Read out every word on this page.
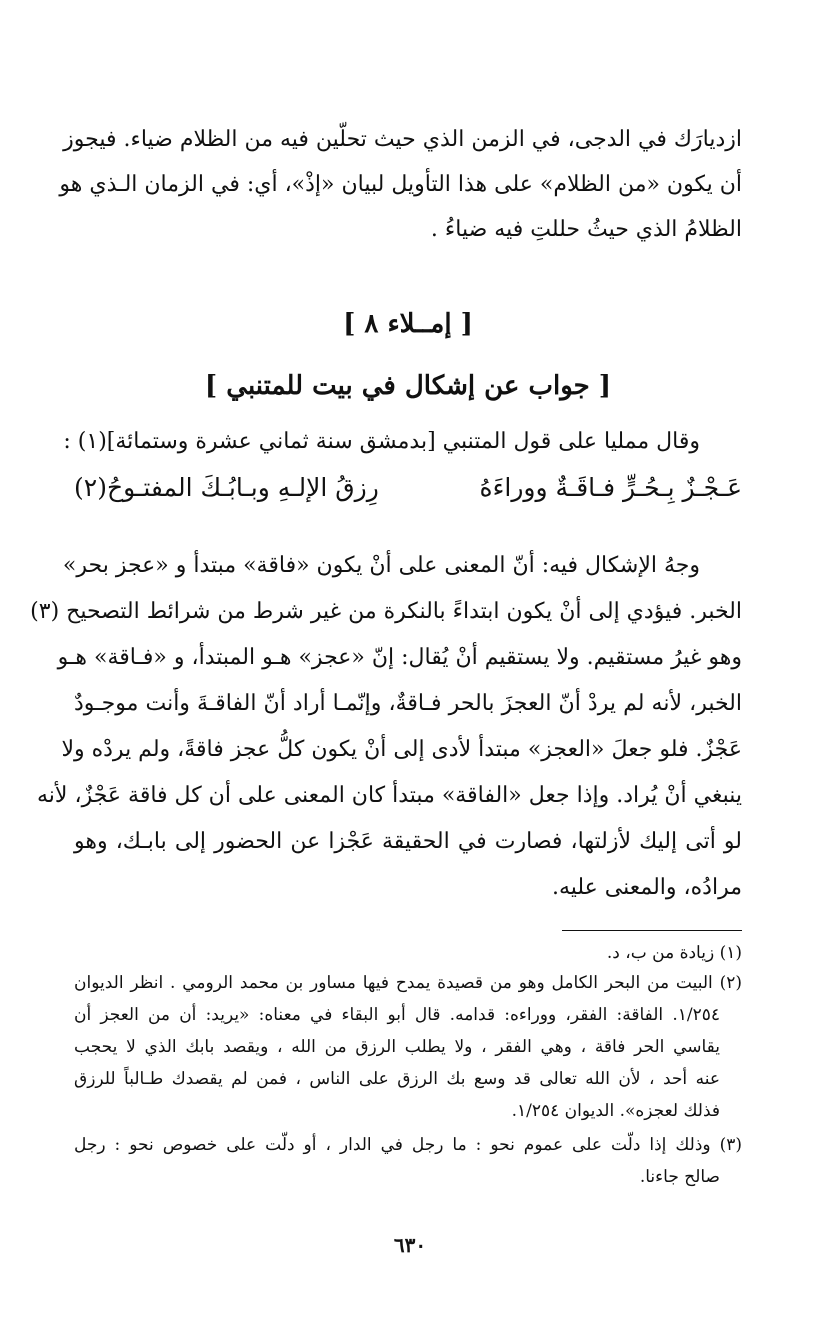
ازديارَك في الدجى، في الزمن الذي حيث تحلّين فيه من الظلام ضياء. فيجوز
أن يكون «من الظلام» على هذا التأويل لبيان «إذْ»، أي: في الزمان الـذي هو
الظلامُ الذي حيثُ حللتِ فيه ضياءُ .
[ إمــلاء ٨ ]
[ جواب عن إشكال في بيت للمتنبي ]
وقال ممليا على قول المتنبي [بدمشق سنة ثماني عشرة وستمائة](١) :
عَـجْـزٌ بِـحُـرٍّ فـاقَـةٌ ووراءَهُ
رِزقُ الإلـهِ وبـابُـكَ المفتـوحُ(٢)
وجهُ الإشكال فيه: أنّ المعنى على أنْ يكون «فاقة» مبتدأ و «عجز بحر»
الخبر. فيؤدي إلى أنْ يكون ابتداءً بالنكرة من غير شرط من شرائط التصحيح (٣)
وهو غيرُ مستقيم. ولا يستقيم أنْ يُقال: إنّ «عجز» هـو المبتدأ، و «فـاقة» هـو
الخبر، لأنه لم يردْ أنّ العجزَ بالحر فـاقةٌ، وإنّمـا أراد أنّ الفاقـةَ وأنت موجـودٌ
عَجْزٌ. فلو جعلَ «العجز» مبتدأ لأدى إلى أنْ يكون كلُّ عجز فاقةً، ولم يردْه ولا
ينبغي أنْ يُراد. وإذا جعل «الفاقة» مبتدأ كان المعنى على أن كل فاقة عَجْزٌ، لأنه
لو أتى إليك لأزلتها، فصارت في الحقيقة عَجْزا عن الحضور إلى بابـك، وهو
مرادُه، والمعنى عليه.
(١) زيادة من ب، د.
(٢) البيت من البحر الكامل وهو من قصيدة يمدح فيها مساور بن محمد الرومي . انظر الديوان
١/٢٥٤. الفاقة: الفقر، ووراءه: قدامه. قال أبو البقاء في معناه: «يريد: أن من العجز أن
يقاسي الحر فاقة ، وهي الفقر ، ولا يطلب الرزق من الله ، ويقصد بابك الذي لا يحجب
عنه أحد ، لأن الله تعالى قد وسع بك الرزق على الناس ، فمن لم يقصدك طـالباً للرزق
فذلك لعجزه». الديوان ١/٢٥٤.
(٣) وذلك إذا دلّت على عموم نحو : ما رجل في الدار ، أو دلّت على خصوص نحو : رجل
صالح جاءنا.
٦٣٠
